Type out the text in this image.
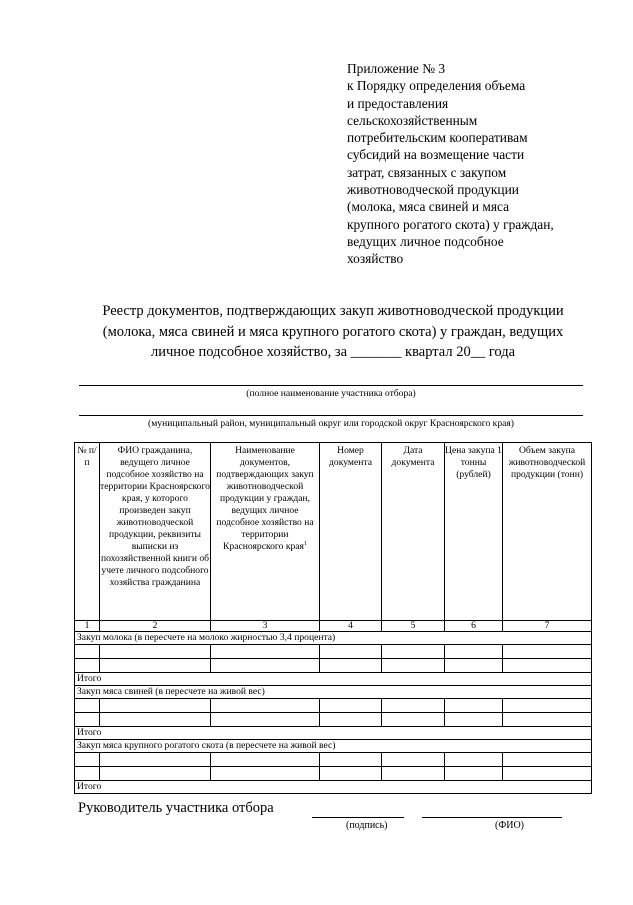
Приложение № 3
к Порядку определения объема
и предоставления
сельскохозяйственным
потребительским кооперативам
субсидий на возмещение части
затрат, связанных с закупом
животноводческой продукции
(молока, мяса свиней и мяса
крупного рогатого скота) у граждан,
ведущих личное подсобное
хозяйство
Реестр документов, подтверждающих закуп животноводческой продукции
(молока, мяса свиней и мяса крупного рогатого скота) у граждан, ведущих
личное подсобное хозяйство, за _______ квартал 20__ года
(полное наименование участника отбора)
(муниципальный район, муниципальный округ или городской округ Красноярского края)
№ п/п	ФИО гражданина, ведущего личное подсобное хозяйство на территории Красноярского края, у которого произведен закуп животноводческой продукции, реквизиты выписки из похозяйственной книги об учете личного подсобного хозяйства гражданина	Наименование документов, подтверждающих закуп животноводческой продукции у граждан, ведущих личное подсобное хозяйство на территории Красноярского края$^1$	Номер документа	Дата документа	Цена закупа 1 тонны (рублей)	Объем закупа животноводческой продукции (тонн)
1	2	3	4	5	6	7
Закуп молока (в пересчете на молоко жирностью 3,4 процента)						

Итого						
Закуп мяса свиней (в пересчете на живой вес)						

Итого						
Закуп мяса крупного рогатого скота (в пересчете на живой вес)						

Итого						
Руководитель участника отбора
(подпись)	(ФИО)
